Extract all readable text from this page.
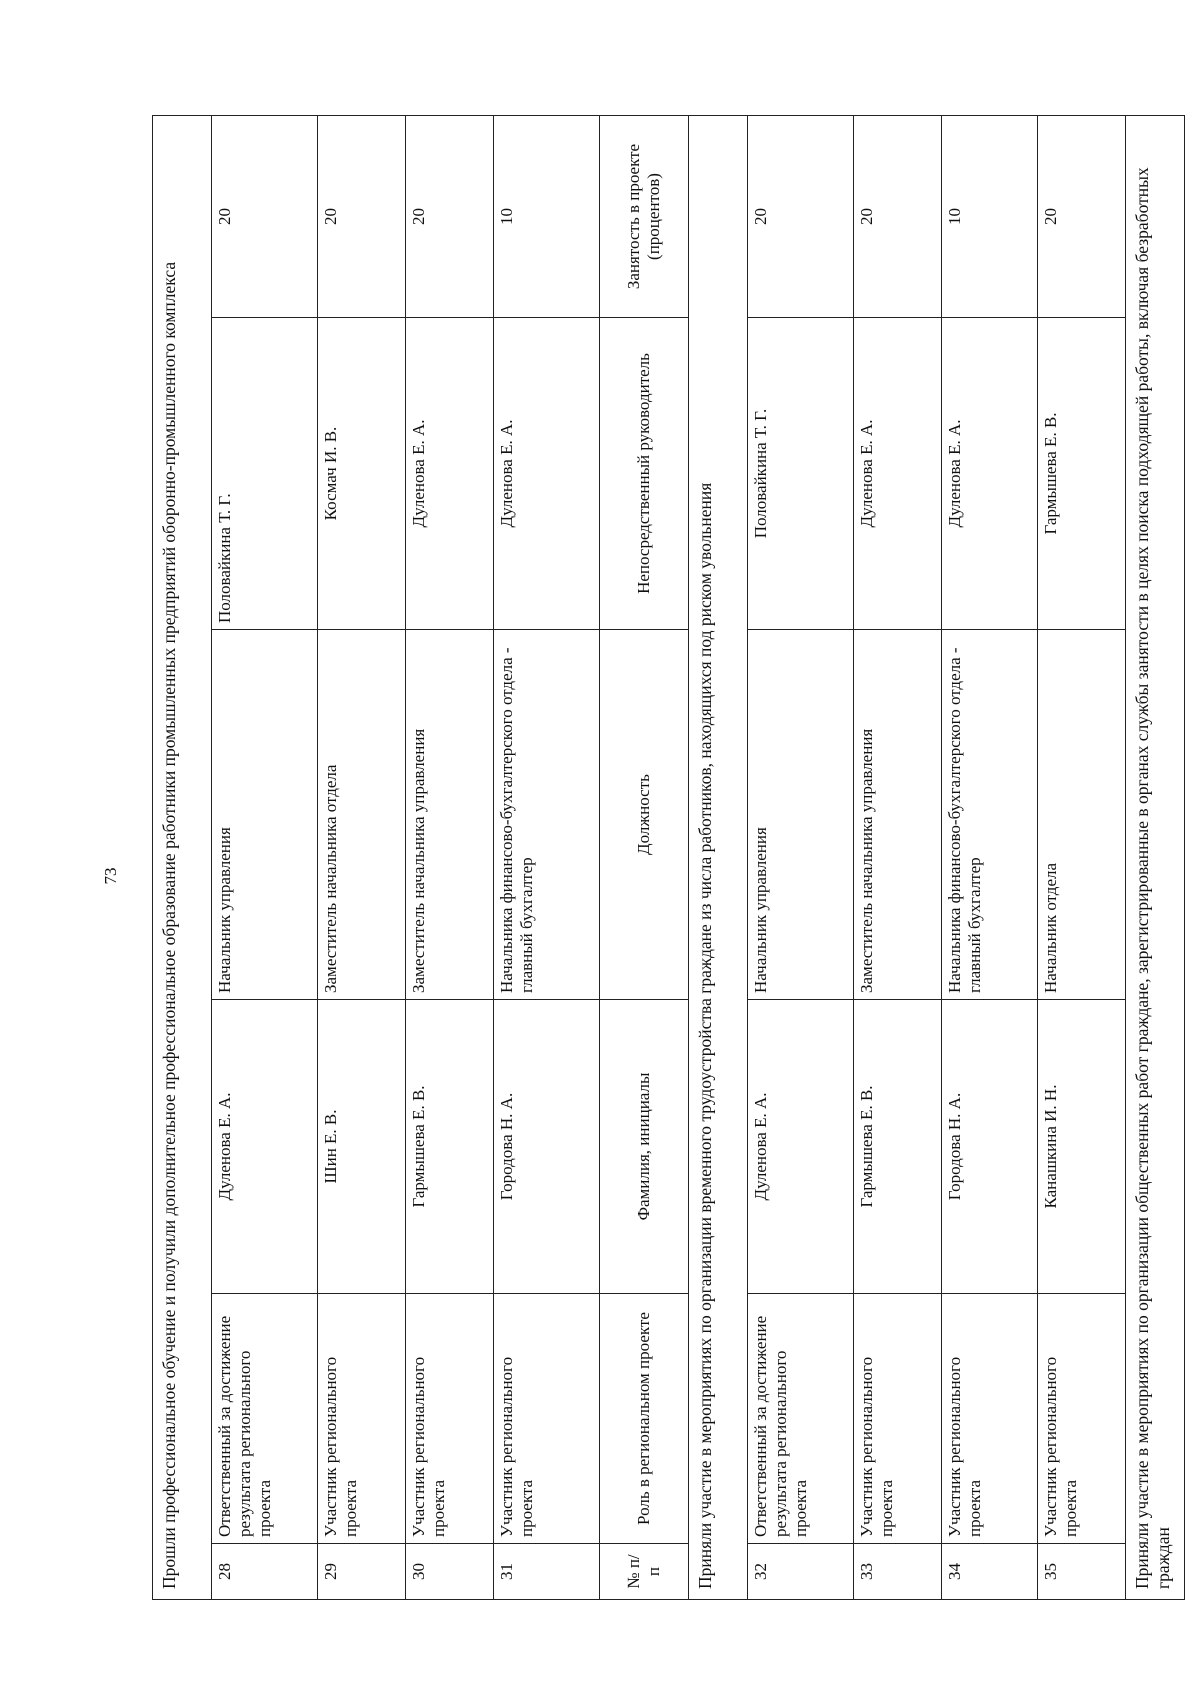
73 Прошли профессиональное обучение и получили дополнительное профессиональное образование работники промышленных предприятий оборонно-промышленного комплекса					
28	Ответственный за достижение результата регионального проекта	Дуленова Е. А.	Начальник управления	Половайкина Т. Г.	20
29	Участник регионального проекта	Шин Е. В.	Заместитель начальника отдела	Космач И. В.	20
30	Участник регионального проекта	Гармышева Е. В.	Заместитель начальника управления	Дуленова Е. А.	20
31	Участник регионального проекта	Городова Н. А.	Начальника финансово-бухгалтерского отдела - главный бухгалтер	Дуленова Е. А.	10
№ п/п	Роль в региональном проекте	Фамилия, инициалы	Должность	Непосредственный руководитель	Занятость в проекте (процентов)
Приняли участие в мероприятиях по организации временного трудоустройства граждане из числа работников, находящихся под риском увольнения					
32	Ответственный за достижение результата регионального проекта	Дуленова Е. А.	Начальник управления	Половайкина Т. Г.	20
33	Участник регионального проекта	Гармышева Е. В.	Заместитель начальника управления	Дуленова Е. А.	20
34	Участник регионального проекта	Городова Н. А.	Начальника финансово-бухгалтерского отдела - главный бухгалтер	Дуленова Е. А.	10
35	Участник регионального проекта	Канашкина И. Н.	Начальник отдела	Гармышева Е. В.	20
Приняли участие в мероприятиях по организации общественных работ граждане, зарегистрированные в органах службы занятости в целях поиска подходящей работы, включая безработных граждан					
